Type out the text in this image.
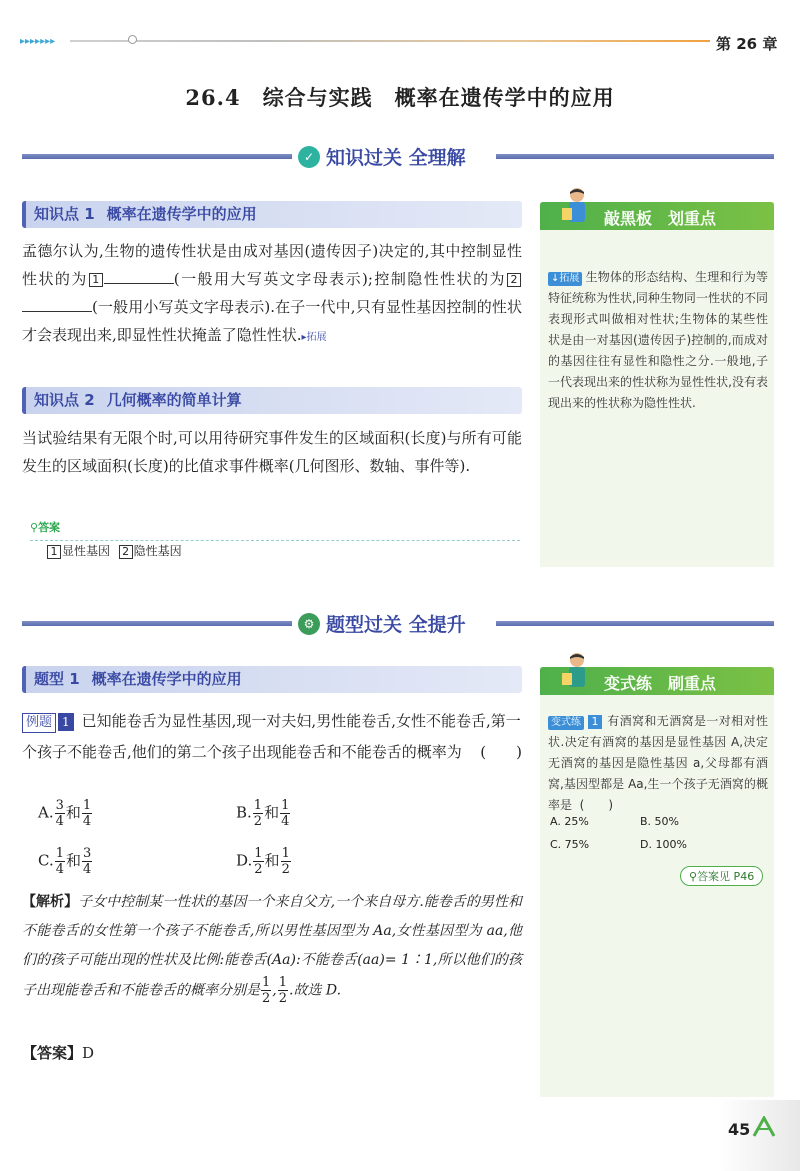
▸▸▸▸▸▸▸	第 26 章
26.4　综合与实践　概率在遗传学中的应用
✓ 知识过关 全理解
知识点 1 概率在遗传学中的应用
孟德尔认为,生物的遗传性状是由成对基因(遗传因子)决定的,其中控制显性性状的为 1	(一般用大写英文字母表示);控制隐性性状的为 2(一般用小写英文字母表示).在子一代中,只有显性基因控制的性状才会表现出来,即显性性状掩盖了隐性性状.▸拓展
知识点 2 几何概率的简单计算
当试验结果有无限个时,可以用待研究事件发生的区域面积(长度)与所有可能发生的区域面积(长度)的比值求事件概率(几何图形、数轴、事件等).
⚲答案
1 显性基因 2 隐性基因
敲黑板　划重点
↓拓展 生物体的形态结构、生理和行为等特征统称为性状,同种生物同一性状的不同表现形式叫做相对性状;生物体的某些性状是由一对基因(遗传因子)控制的,而成对的基因往往有显性和隐性之分.一般地,子一代表现出来的性状称为显性性状,没有表现出来的性状称为隐性性状.
⚙ 题型过关 全提升
题型 1 概率在遗传学中的应用
例题 1 已知能卷舌为显性基因,现一对夫妇,男性能卷舌,女性不能卷舌,第一个孩子不能卷舌,他们的第二个孩子出现能卷舌和不能卷舌的概率为 (　　)
A. $\frac{3}{4}$ 和 $\frac{1}{4}$	B. $\frac{1}{2}$ 和 $\frac{1}{4}$
C. $\frac{1}{4}$ 和 $\frac{3}{4}$	D. $\frac{1}{2}$ 和 $\frac{1}{2}$
【解析】子女中控制某一性状的基因一个来自父方,一个来自母方.能卷舌的男性和不能卷舌的女性第一个孩子不能卷舌,所以男性基因型为 Aa,女性基因型为 aa,他们的孩子可能出现的性状及比例:能卷舌(Aa):不能卷舌(aa)= 1∶1,所以他们的孩子出现能卷舌和不能卷舌的概率分别是 $\frac{1}{2}$ , $\frac{1}{2}$ .故选 D.
【答案】D
变式练　刷重点
变式练 1 有酒窝和无酒窝是一对相对性状.决定有酒窝的基因是显性基因 A,决定无酒窝的基因是隐性基因 a,父母都有酒窝,基因型都是 Aa,生一个孩子无酒窝的概率是 (　　)
A. 25%	B. 50%
C. 75%	D. 100%
⚲答案见 P46
45
